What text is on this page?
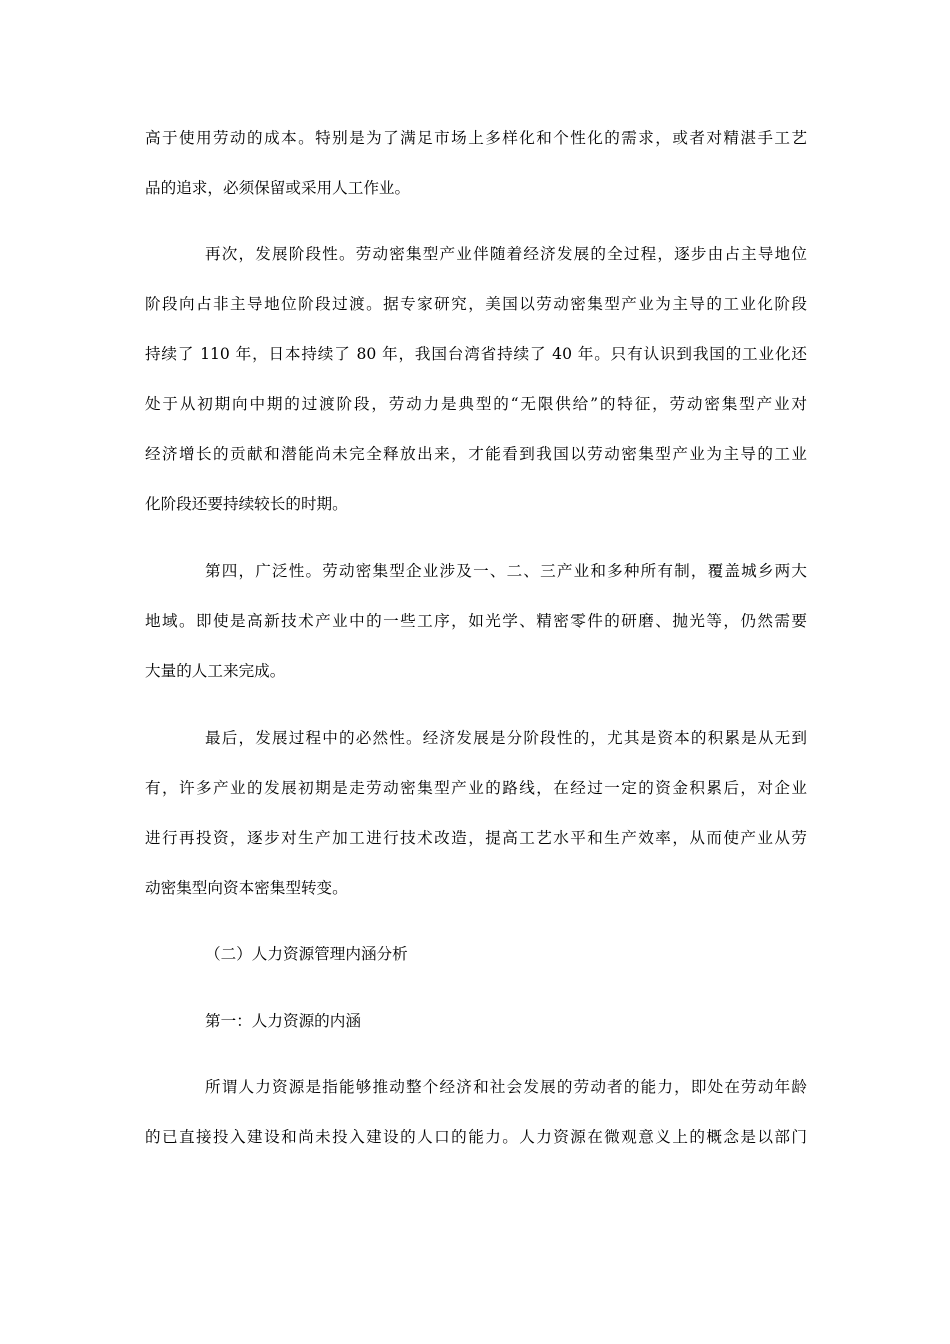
高于使用劳动的成本。特别是为了满足市场上多样化和个性化的需求，或者对精湛手工艺
品的追求，必须保留或采用人工作业。
再次，发展阶段性。劳动密集型产业伴随着经济发展的全过程，逐步由占主导地位
阶段向占非主导地位阶段过渡。据专家研究，美国以劳动密集型产业为主导的工业化阶段
持续了 110 年，日本持续了 80 年，我国台湾省持续了 40 年。只有认识到我国的工业化还
处于从初期向中期的过渡阶段，劳动力是典型的“无限供给”的特征，劳动密集型产业对
经济增长的贡献和潜能尚未完全释放出来，才能看到我国以劳动密集型产业为主导的工业
化阶段还要持续较长的时期。
第四，广泛性。劳动密集型企业涉及一、二、三产业和多种所有制，覆盖城乡两大
地域。即使是高新技术产业中的一些工序，如光学、精密零件的研磨、抛光等，仍然需要
大量的人工来完成。
最后，发展过程中的必然性。经济发展是分阶段性的，尤其是资本的积累是从无到
有，许多产业的发展初期是走劳动密集型产业的路线，在经过一定的资金积累后，对企业
进行再投资，逐步对生产加工进行技术改造，提高工艺水平和生产效率，从而使产业从劳
动密集型向资本密集型转变。
（二）人力资源管理内涵分析
第一：人力资源的内涵
所谓人力资源是指能够推动整个经济和社会发展的劳动者的能力，即处在劳动年龄
的已直接投入建设和尚未投入建设的人口的能力。人力资源在微观意义上的概念是以部门
